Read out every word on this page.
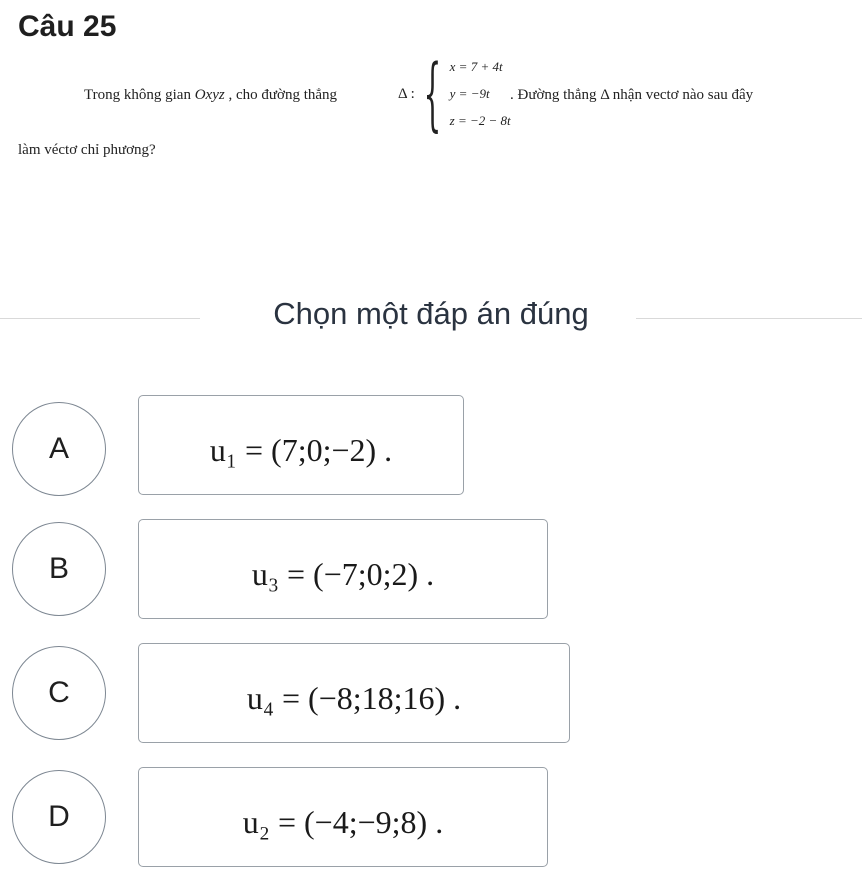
Câu 25
Trong không gian Oxyz , cho đường thẳng	Δ : { x = 7 + 4t
y = −9t
z = −2 − 8t
. Đường thẳng Δ nhận vectơ nào sau đây
làm véctơ chỉ phương?
Chọn một đáp án đúng
A	u₁ = (7;0;−2) .
B	u₃ = (−7;0;2) .
C	u₄ = (−8;18;16) .
D	u₂ = (−4;−9;8) .
